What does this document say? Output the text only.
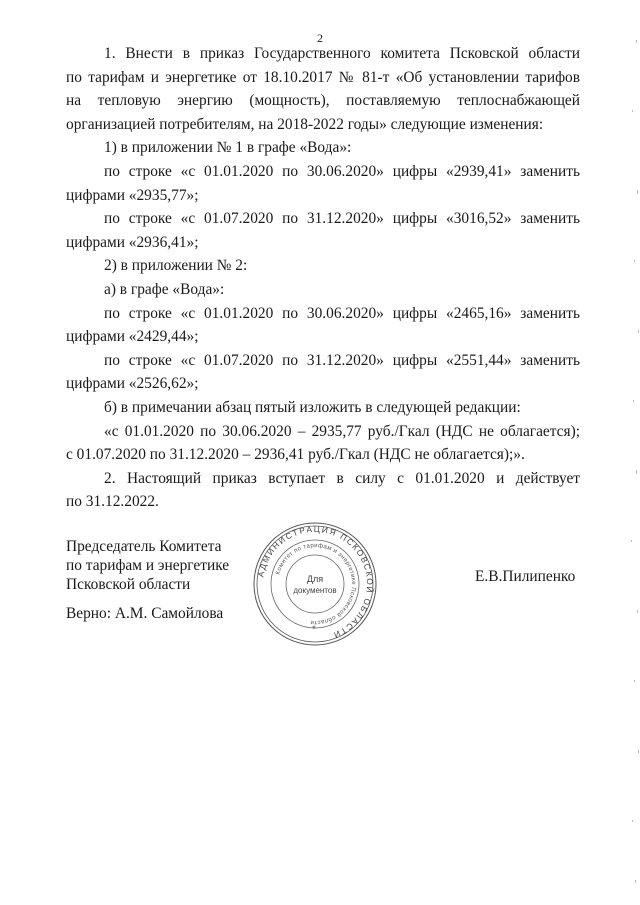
2

1. Внести в приказ Государственного комитета Псковской области

по тарифам и энергетике от 18.10.2017 № 81-т «Об установлении тарифов

на тепловую энергию (мощность), поставляемую теплоснабжающей

организацией потребителям, на 2018-2022 годы» следующие изменения:

1) в приложении № 1 в графе «Вода»:

по строке «с 01.01.2020 по 30.06.2020» цифры «2939,41» заменить

цифрами «2935,77»;

по строке «с 01.07.2020 по 31.12.2020» цифры «3016,52» заменить

цифрами «2936,41»;

2) в приложении № 2:

а) в графе «Вода»:

по строке «с 01.01.2020 по 30.06.2020» цифры «2465,16» заменить

цифрами «2429,44»;

по строке «с 01.07.2020 по 31.12.2020» цифры «2551,44» заменить

цифрами «2526,62»;

б) в примечании абзац пятый изложить в следующей редакции:

«с 01.01.2020 по 30.06.2020 – 2935,77 руб./Гкал (НДС не облагается);

с 01.07.2020 по 31.12.2020 – 2936,41 руб./Гкал (НДС не облагается);».

2. Настоящий приказ вступает в силу с 01.01.2020 и действует

по 31.12.2022.

Председатель Комитета
по тарифам и энергетике
Псковской области	Е.В.Пилипенко
Верно: А.М. Самойлова
АДМИНИСТРАЦИЯ ПСКОВСКОЙ ОБЛАСТИ
Комитет по тарифам и энергетике Псковской области
Для
документов
*
